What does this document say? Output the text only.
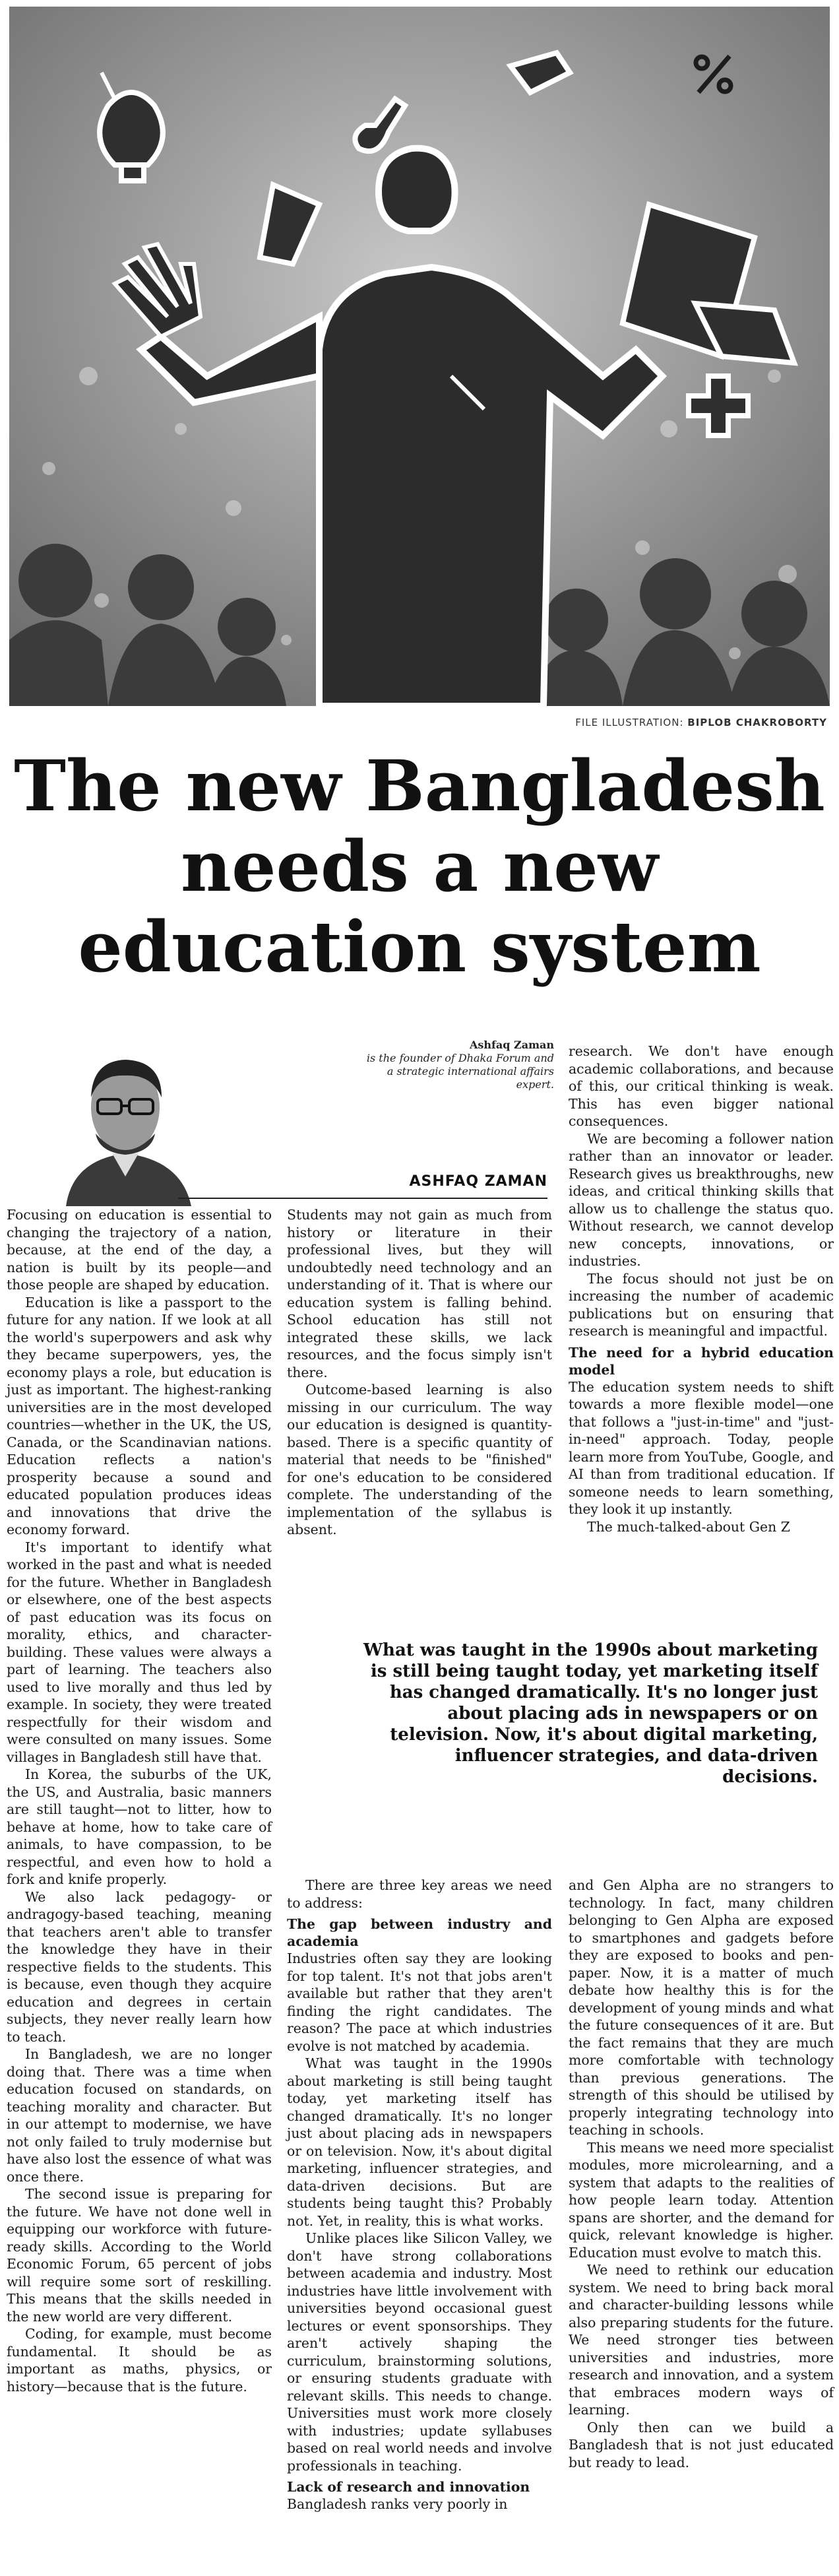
FILE ILLUSTRATION: BIPLOB CHAKROBORTY
The new Bangladesh
needs a new
education system
Ashfaq Zaman
is the founder of Dhaka Forum and a strategic international affairs expert.
ASHFAQ ZAMAN

Focusing on education is essential to changing the trajectory of a nation, because, at the end of the day, a nation is built by its people—and those people are shaped by education.

Education is like a passport to the future for any nation. If we look at all the world's superpowers and ask why they became superpowers, yes, the economy plays a role, but education is just as important. The highest-ranking universities are in the most developed countries—whether in the UK, the US, Canada, or the Scandinavian nations. Education reflects a nation's prosperity because a sound and educated population produces ideas and innovations that drive the economy forward.

It's important to identify what worked in the past and what is needed for the future. Whether in Bangladesh or elsewhere, one of the best aspects of past education was its focus on morality, ethics, and character-building. These values were always a part of learning. The teachers also used to live morally and thus led by example. In society, they were treated respectfully for their wisdom and were consulted on many issues. Some villages in Bangladesh still have that.

In Korea, the suburbs of the UK, the US, and Australia, basic manners are still taught—not to litter, how to behave at home, how to take care of animals, to have compassion, to be respectful, and even how to hold a fork and knife properly.

We also lack pedagogy- or andragogy-based teaching, meaning that teachers aren't able to transfer the knowledge they have in their respective fields to the students. This is because, even though they acquire education and degrees in certain subjects, they never really learn how to teach.

In Bangladesh, we are no longer doing that. There was a time when education focused on standards, on teaching morality and character. But in our attempt to modernise, we have not only failed to truly modernise but have also lost the essence of what was once there.

The second issue is preparing for the future. We have not done well in equipping our workforce with future-ready skills. According to the World Economic Forum, 65 percent of jobs will require some sort of reskilling. This means that the skills needed in the new world are very different.

Coding, for example, must become fundamental. It should be as important as maths, physics, or history—because that is the future.

Students may not gain as much from history or literature in their professional lives, but they will undoubtedly need technology and an understanding of it. That is where our education system is falling behind. School education has still not integrated these skills, we lack resources, and the focus simply isn't there.

Outcome-based learning is also missing in our curriculum. The way our education is designed is quantity-based. There is a specific quantity of material that needs to be "finished" for one's education to be considered complete. The understanding of the implementation of the syllabus is absent.

research. We don't have enough academic collaborations, and because of this, our critical thinking is weak. This has even bigger national consequences.

We are becoming a follower nation rather than an innovator or leader. Research gives us breakthroughs, new ideas, and critical thinking skills that allow us to challenge the status quo. Without research, we cannot develop new concepts, innovations, or industries.

The focus should not just be on increasing the number of academic publications but on ensuring that research is meaningful and impactful.

The need for a hybrid education model

The education system needs to shift towards a more flexible model—one that follows a "just-in-time" and "just-in-need" approach. Today, people learn more from YouTube, Google, and AI than from traditional education. If someone needs to learn something, they look it up instantly.

The much-talked-about Gen Z

What was taught in the 1990s about marketing is still being taught today, yet marketing itself has changed dramatically. It's no longer just about placing ads in newspapers or on television. Now, it's about digital marketing, influencer strategies, and data-driven decisions.

There are three key areas we need to address:

The gap between industry and academia

Industries often say they are looking for top talent. It's not that jobs aren't available but rather that they aren't finding the right candidates. The reason? The pace at which industries evolve is not matched by academia.

What was taught in the 1990s about marketing is still being taught today, yet marketing itself has changed dramatically. It's no longer just about placing ads in newspapers or on television. Now, it's about digital marketing, influencer strategies, and data-driven decisions. But are students being taught this? Probably not. Yet, in reality, this is what works.

Unlike places like Silicon Valley, we don't have strong collaborations between academia and industry. Most industries have little involvement with universities beyond occasional guest lectures or event sponsorships. They aren't actively shaping the curriculum, brainstorming solutions, or ensuring students graduate with relevant skills. This needs to change. Universities must work more closely with industries; update syllabuses based on real world needs and involve professionals in teaching.

Lack of research and innovation

Bangladesh ranks very poorly in

and Gen Alpha are no strangers to technology. In fact, many children belonging to Gen Alpha are exposed to smartphones and gadgets before they are exposed to books and pen-paper. Now, it is a matter of much debate how healthy this is for the development of young minds and what the future consequences of it are. But the fact remains that they are much more comfortable with technology than previous generations. The strength of this should be utilised by properly integrating technology into teaching in schools.

This means we need more specialist modules, more microlearning, and a system that adapts to the realities of how people learn today. Attention spans are shorter, and the demand for quick, relevant knowledge is higher. Education must evolve to match this.

We need to rethink our education system. We need to bring back moral and character-building lessons while also preparing students for the future. We need stronger ties between universities and industries, more research and innovation, and a system that embraces modern ways of learning.

Only then can we build a Bangladesh that is not just educated but ready to lead.
